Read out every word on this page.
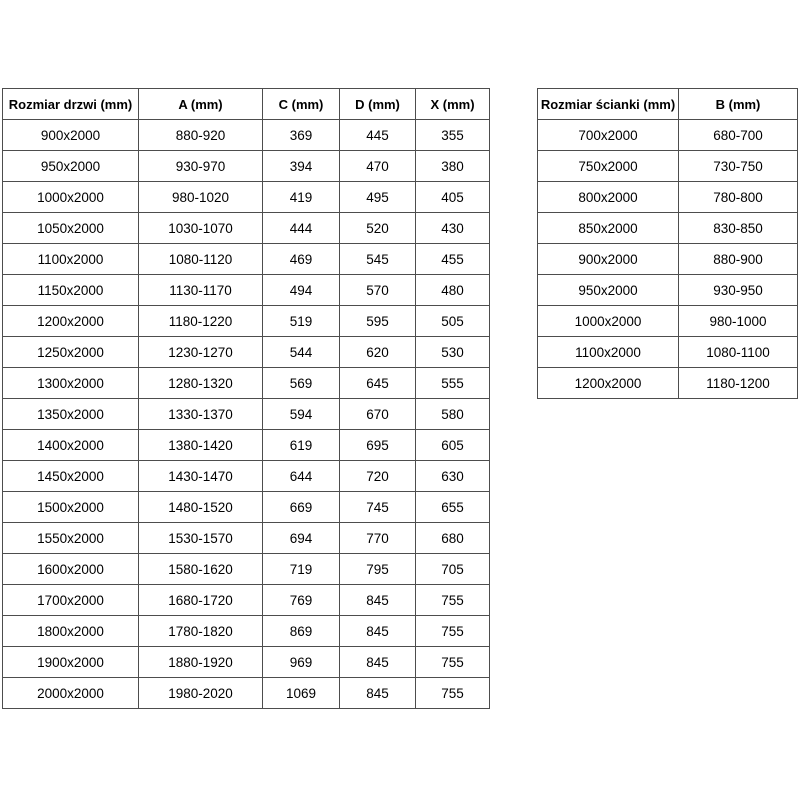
Rozmiar drzwi (mm)	A (mm)	C (mm)	D (mm)	X (mm)
900x2000	880-920	369	445	355
950x2000	930-970	394	470	380
1000x2000	980-1020	419	495	405
1050x2000	1030-1070	444	520	430
1100x2000	1080-1120	469	545	455
1150x2000	1130-1170	494	570	480
1200x2000	1180-1220	519	595	505
1250x2000	1230-1270	544	620	530
1300x2000	1280-1320	569	645	555
1350x2000	1330-1370	594	670	580
1400x2000	1380-1420	619	695	605
1450x2000	1430-1470	644	720	630
1500x2000	1480-1520	669	745	655
1550x2000	1530-1570	694	770	680
1600x2000	1580-1620	719	795	705
1700x2000	1680-1720	769	845	755
1800x2000	1780-1820	869	845	755
1900x2000	1880-1920	969	845	755
2000x2000	1980-2020	1069	845	755
Rozmiar ścianki (mm)	B (mm)
700x2000	680-700
750x2000	730-750
800x2000	780-800
850x2000	830-850
900x2000	880-900
950x2000	930-950
1000x2000	980-1000
1100x2000	1080-1100
1200x2000	1180-1200
